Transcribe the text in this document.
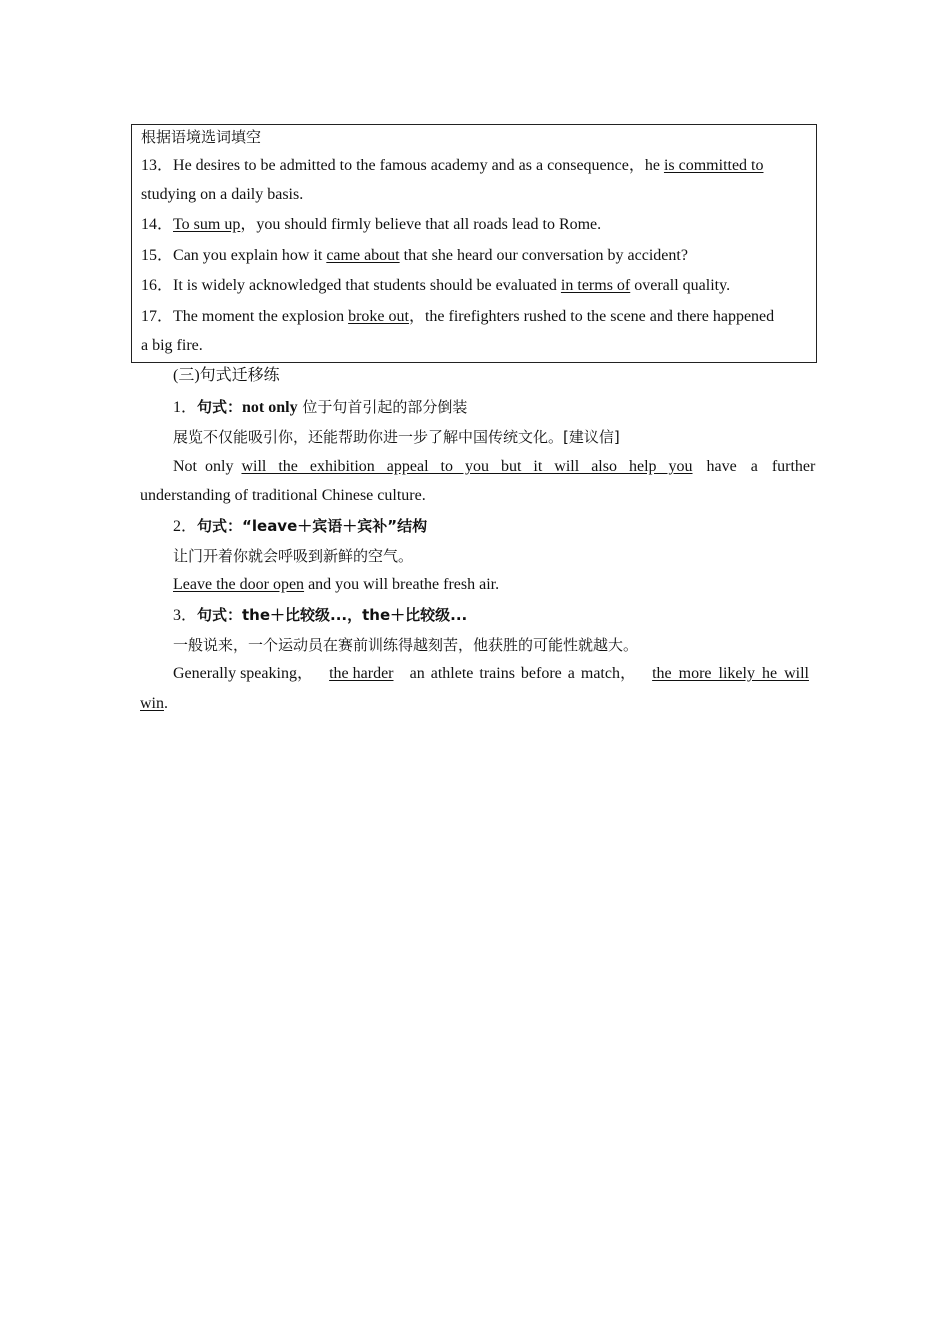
根据语境选词填空
13．He desires to be admitted to the famous academy and as a consequence，he is committed to
studying on a daily basis.
14．To sum up，you should firmly believe that all roads lead to Rome.
15．Can you explain how it came about that she heard our conversation by accident?
16．It is widely acknowledged that students should be evaluated in terms of overall quality.
17．The moment the explosion broke out，the firefighters rushed to the scene and there happened
a big fire.
(三)句式迁移练
1．句式：not only 位于句首引起的部分倒装
展览不仅能吸引你，还能帮助你进一步了解中国传统文化。[建议信]
Not  only will  the  exhibition  appeal  to  you  but  it  will  also  help  you have  a  further
understanding of traditional Chinese culture.
2．句式：“leave＋宾语＋宾补”结构
让门开着你就会呼吸到新鲜的空气。
Leave the door open and you will breathe fresh air.
3．句式：the＋比较级...，the＋比较级...
一般说来，一个运动员在赛前训练得越刻苦，他获胜的可能性就越大。
Generally speaking， the harder an athlete trains before a match， the more likely he will
win.
